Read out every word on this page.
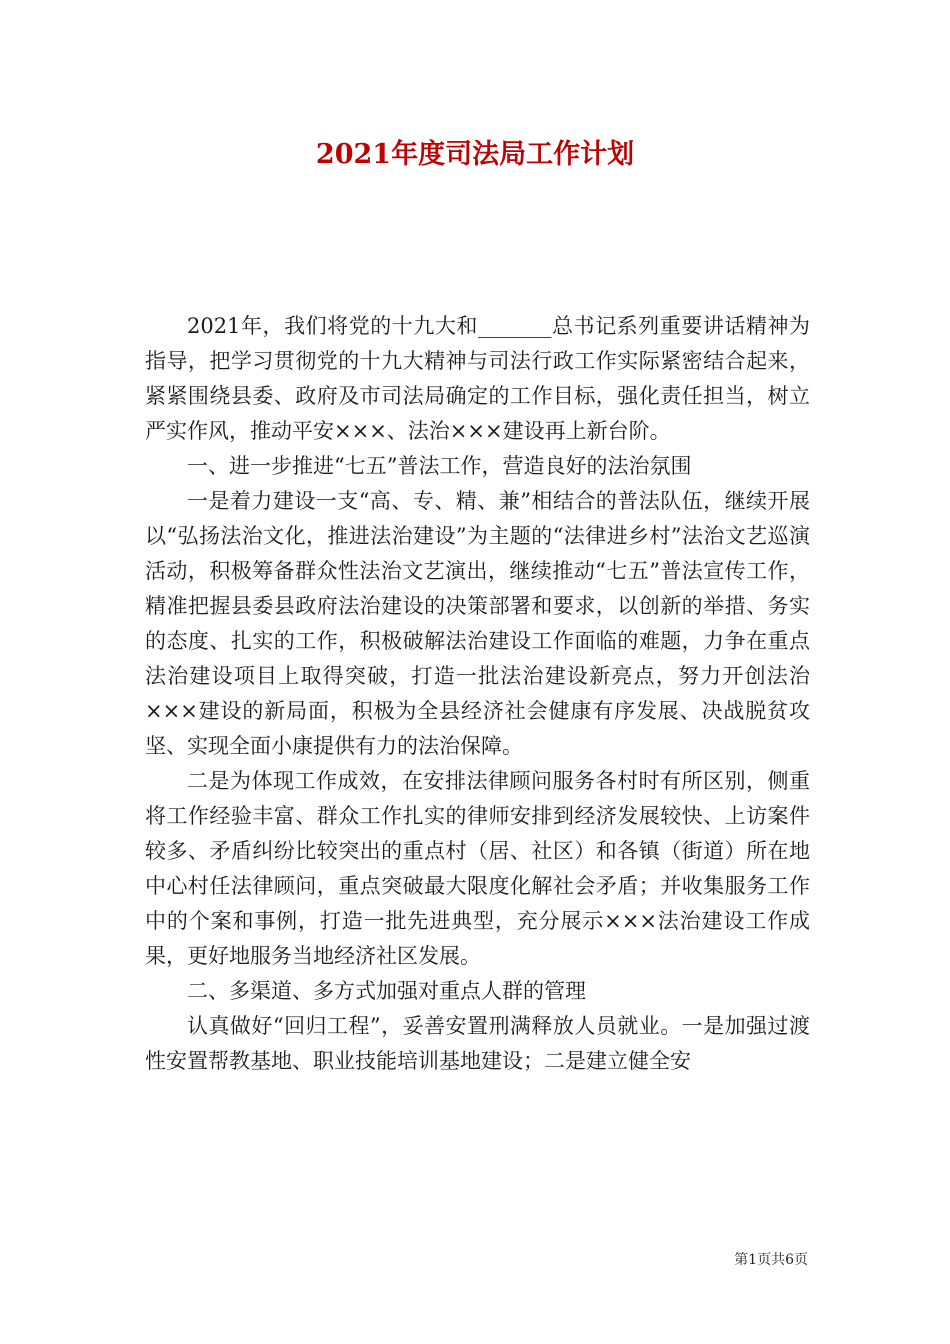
2021年度司法局工作计划

2021年，我们将党的十九大和_______总书记系列重要讲话精神为指导，把学习贯彻党的十九大精神与司法行政工作实际紧密结合起来，紧紧围绕县委、政府及市司法局确定的工作目标，强化责任担当，树立严实作风，推动平安×××、法治×××建设再上新台阶。

一、进一步推进“七五”普法工作，营造良好的法治氛围

一是着力建设一支“高、专、精、兼”相结合的普法队伍，继续开展以“弘扬法治文化，推进法治建设”为主题的“法律进乡村”法治文艺巡演活动，积极筹备群众性法治文艺演出，继续推动“七五”普法宣传工作，精准把握县委县政府法治建设的决策部署和要求，以创新的举措、务实的态度、扎实的工作，积极破解法治建设工作面临的难题，力争在重点法治建设项目上取得突破，打造一批法治建设新亮点，努力开创法治×××建设的新局面，积极为全县经济社会健康有序发展、决战脱贫攻坚、实现全面小康提供有力的法治保障。

二是为体现工作成效，在安排法律顾问服务各村时有所区别，侧重将工作经验丰富、群众工作扎实的律师安排到经济发展较快、上访案件较多、矛盾纠纷比较突出的重点村（居、社区）和各镇（街道）所在地中心村任法律顾问，重点突破最大限度化解社会矛盾；并收集服务工作中的个案和事例，打造一批先进典型，充分展示×××法治建设工作成果，更好地服务当地经济社区发展。

二、多渠道、多方式加强对重点人群的管理

认真做好“回归工程”，妥善安置刑满释放人员就业。一是加强过渡性安置帮教基地、职业技能培训基地建设；二是建立健全安

第1页共6页
